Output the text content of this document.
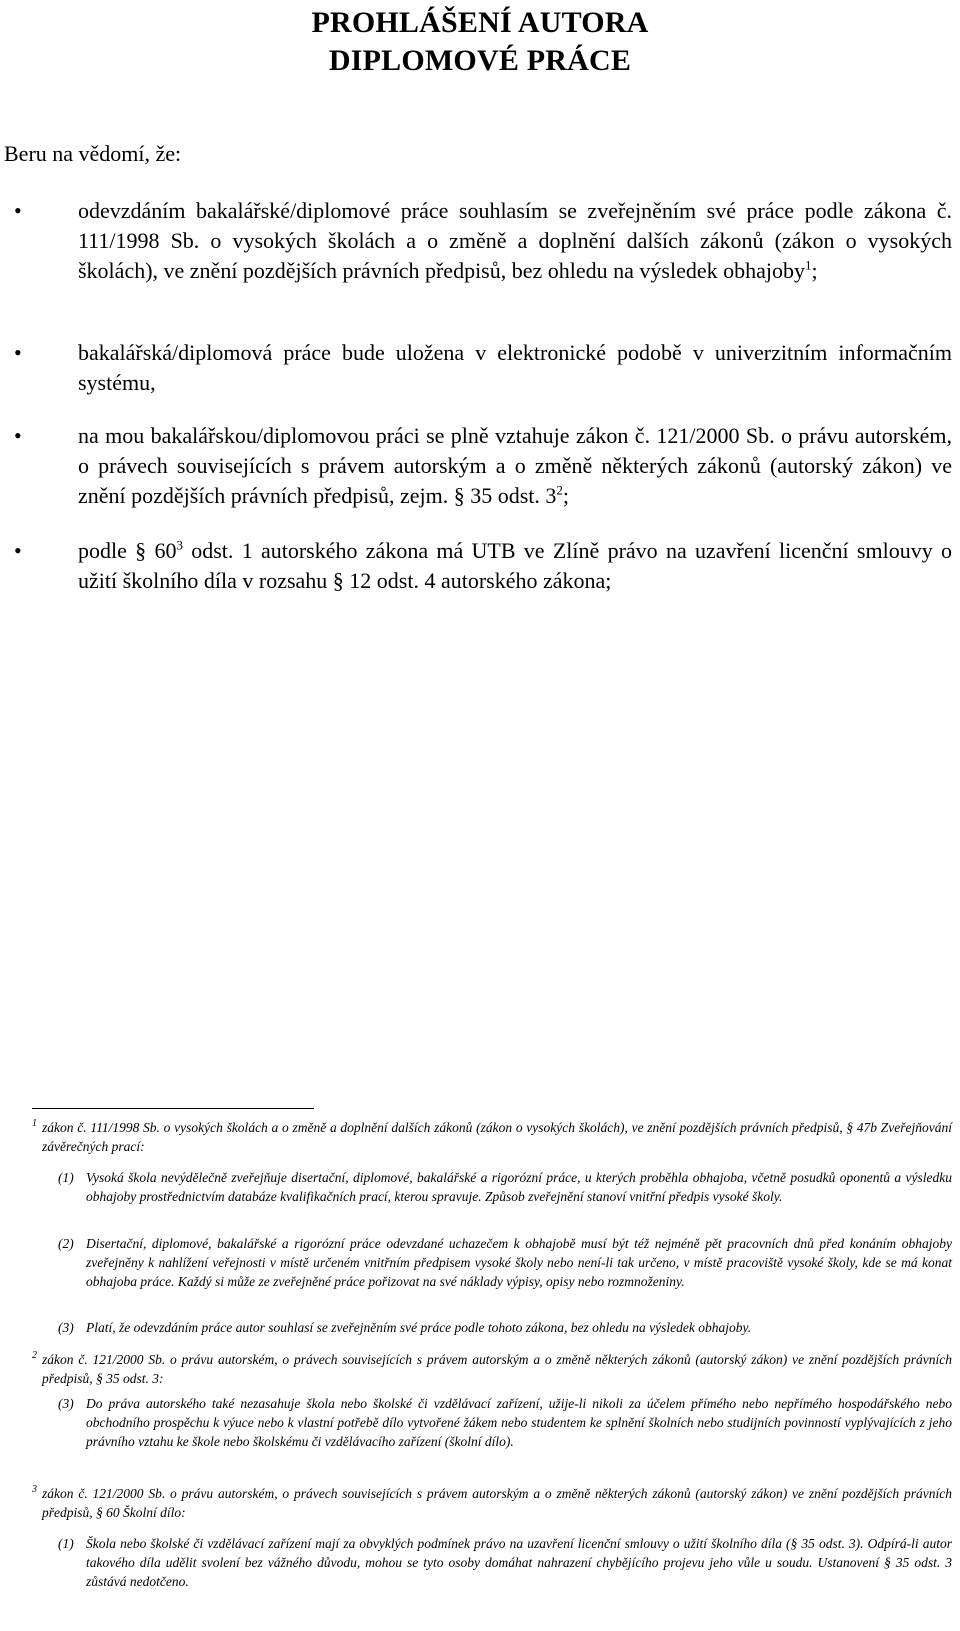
PROHLÁŠENÍ AUTORA
DIPLOMOVÉ PRÁCE

Beru na vědomí, že:

•	odevzdáním bakalářské/diplomové práce souhlasím se zveřejněním své práce podle zákona č. 111/1998 Sb. o vysokých školách a o změně a doplnění dalších zákonů (zákon o vysokých školách), ve znění pozdějších právních předpisů, bez ohledu na výsledek obhajoby$^1$;

•	bakalářská/diplomová práce bude uložena v elektronické podobě v univerzitním informačním systému,

•	na mou bakalářskou/diplomovou práci se plně vztahuje zákon č. 121/2000 Sb. o právu autorském, o právech souvisejících s právem autorským a o změně některých zákonů (autorský zákon) ve znění pozdějších právních předpisů, zejm. § 35 odst. $3^2$;

•	podle § $60^3$ odst. 1 autorského zákona má UTB ve Zlíně právo na uzavření licenční smlouvy o užití školního díla v rozsahu § 12 odst. 4 autorského zákona;

1 zákon č. 111/1998 Sb. o vysokých školách a o změně a doplnění dalších zákonů (zákon o vysokých školách), ve znění pozdějších právních předpisů, § 47b Zveřejňování závěrečných prací:

(1) Vysoká škola nevýdělečně zveřejňuje disertační, diplomové, bakalářské a rigorózní práce, u kterých proběhla obhajoba, včetně posudků oponentů a výsledku obhajoby prostřednictvím databáze kvalifikačních prací, kterou spravuje. Způsob zveřejnění stanoví vnitřní předpis vysoké školy.

(2) Disertační, diplomové, bakalářské a rigorózní práce odevzdané uchazečem k obhajobě musí být též nejméně pět pracovních dnů před konáním obhajoby zveřejněny k nahlížení veřejnosti v místě určeném vnitřním předpisem vysoké školy nebo není-li tak určeno, v místě pracoviště vysoké školy, kde se má konat obhajoba práce. Každý si může ze zveřejněné práce pořizovat na své náklady výpisy, opisy nebo rozmnoženiny.

(3) Platí, že odevzdáním práce autor souhlasí se zveřejněním své práce podle tohoto zákona, bez ohledu na výsledek obhajoby.

2 zákon č. 121/2000 Sb. o právu autorském, o právech souvisejících s právem autorským a o změně některých zákonů (autorský zákon) ve znění pozdějších právních předpisů, § 35 odst. 3:

(3) Do práva autorského také nezasahuje škola nebo školské či vzdělávací zařízení, užije-li nikoli za účelem přímého nebo nepřímého hospodářského nebo obchodního prospěchu k výuce nebo k vlastní potřebě dílo vytvořené žákem nebo studentem ke splnění školních nebo studijních povinností vyplývajících z jeho právního vztahu ke škole nebo školskému či vzdělávacího zařízení (školní dílo).

3 zákon č. 121/2000 Sb. o právu autorském, o právech souvisejících s právem autorským a o změně některých zákonů (autorský zákon) ve znění pozdějších právních předpisů, § 60 Školní dílo:

(1) Škola nebo školské či vzdělávací zařízení mají za obvyklých podmínek právo na uzavření licenční smlouvy o užití školního díla (§ 35 odst. 3). Odpírá-li autor takového díla udělit svolení bez vážného důvodu, mohou se tyto osoby domáhat nahrazení chybějícího projevu jeho vůle u soudu. Ustanovení § 35 odst. 3 zůstává nedotčeno.
